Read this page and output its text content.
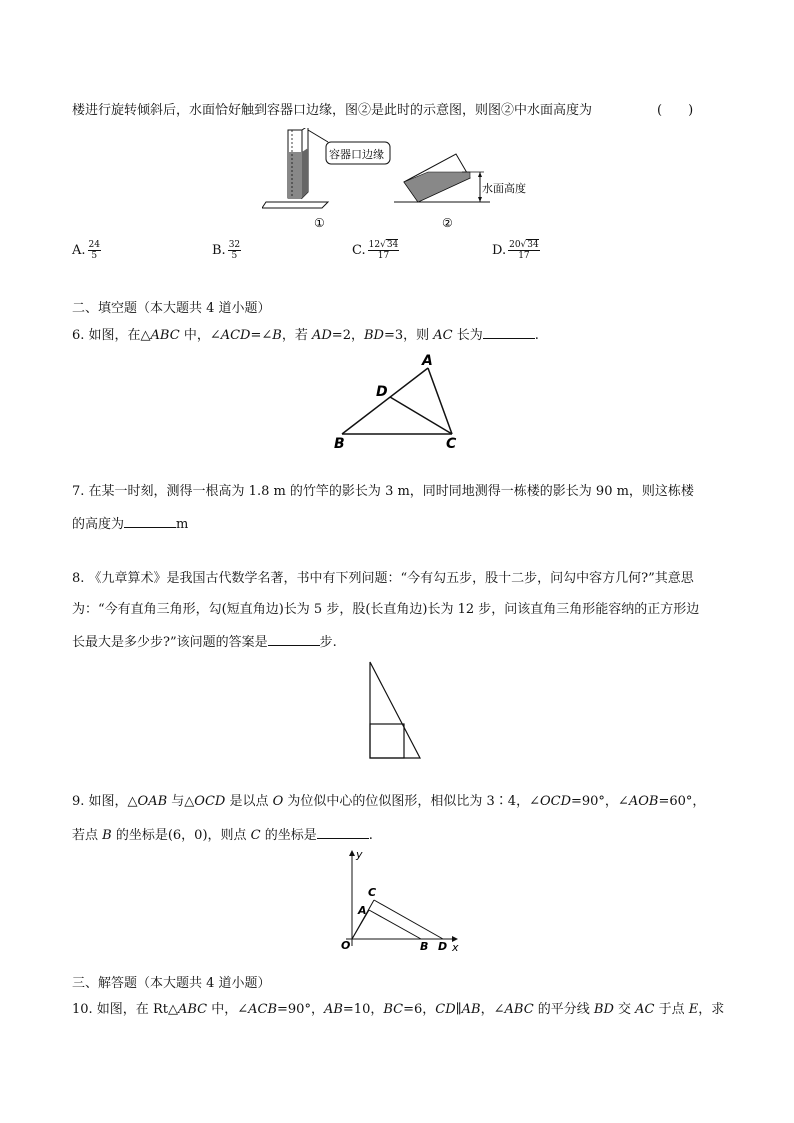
楼进行旋转倾斜后，水面恰好触到容器口边缘，图②是此时的示意图，则图②中水面高度为	(　　)
容器口边缘
①
水面高度
②
A. $\frac{24}{5}$	B. $\frac{32}{5}$	C. $\frac{12√34}{17}$	D. $\frac{20√34}{17}$
二、填空题（本大题共 4 道小题）
6. 如图，在△ABC 中，∠ACD=∠B，若 AD=2，BD=3，则 AC 长为	.
A
D
B	C
7. 在某一时刻，测得一根高为 1.8 m 的竹竿的影长为 3 m，同时同地测得一栋楼的影长为 90 m，则这栋楼
的高度为	m
8. 《九章算术》是我国古代数学名著，书中有下列问题：“今有勾五步，股十二步，问勾中容方几何?”其意思
为：“今有直角三角形，勾(短直角边)长为 5 步，股(长直角边)长为 12 步，问该直角三角形能容纳的正方形边
长最大是多少步?”该问题的答案是	步.
9. 如图，△OAB 与△OCD 是以点 O 为位似中心的位似图形，相似比为 3∶4，∠OCD=90°，∠AOB=60°，
若点 B 的坐标是(6，0)，则点 C 的坐标是	.
y
x
O
A
C
B D
三、解答题（本大题共 4 道小题）
10. 如图，在 Rt△ABC 中，∠ACB=90°，AB=10，BC=6，CD∥AB，∠ABC 的平分线 BD 交 AC 于点 E，求
